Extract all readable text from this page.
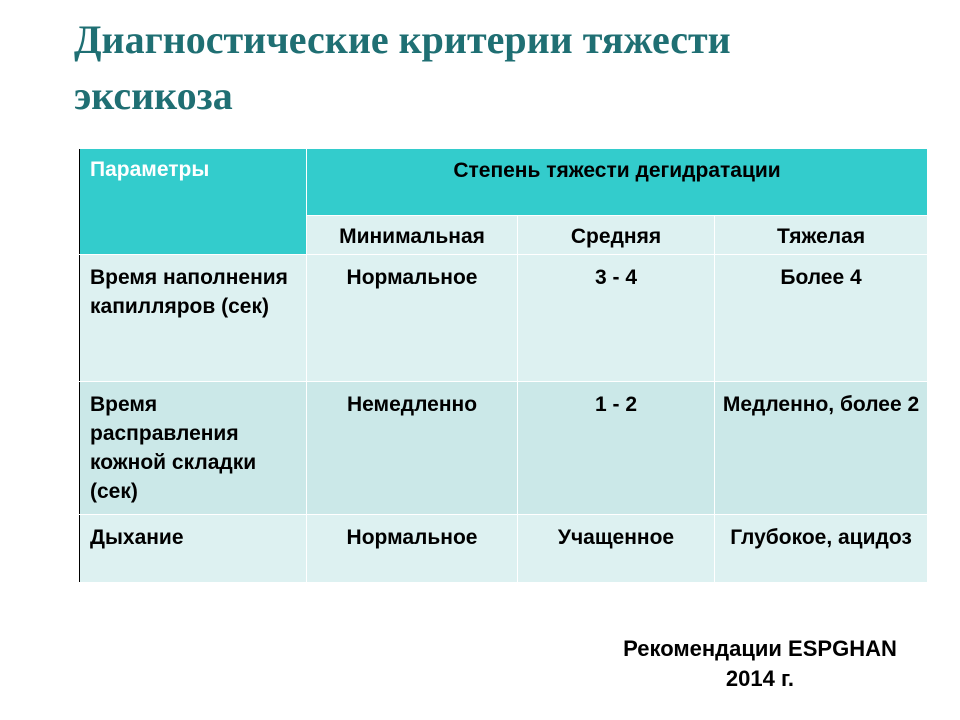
Диагностические критерии тяжести
эксикоза
Параметры	Степень тяжести дегидратации		
	Минимальная	Средняя	Тяжелая
Время наполнения капилляров (сек)	Нормальное	3 - 4	Более 4
Время расправления кожной складки (сек)	Немедленно	1 - 2	Медленно, более 2
Дыхание	Нормальное	Учащенное	Глубокое, ацидоз
Рекомендации ESPGHAN
2014 г.
